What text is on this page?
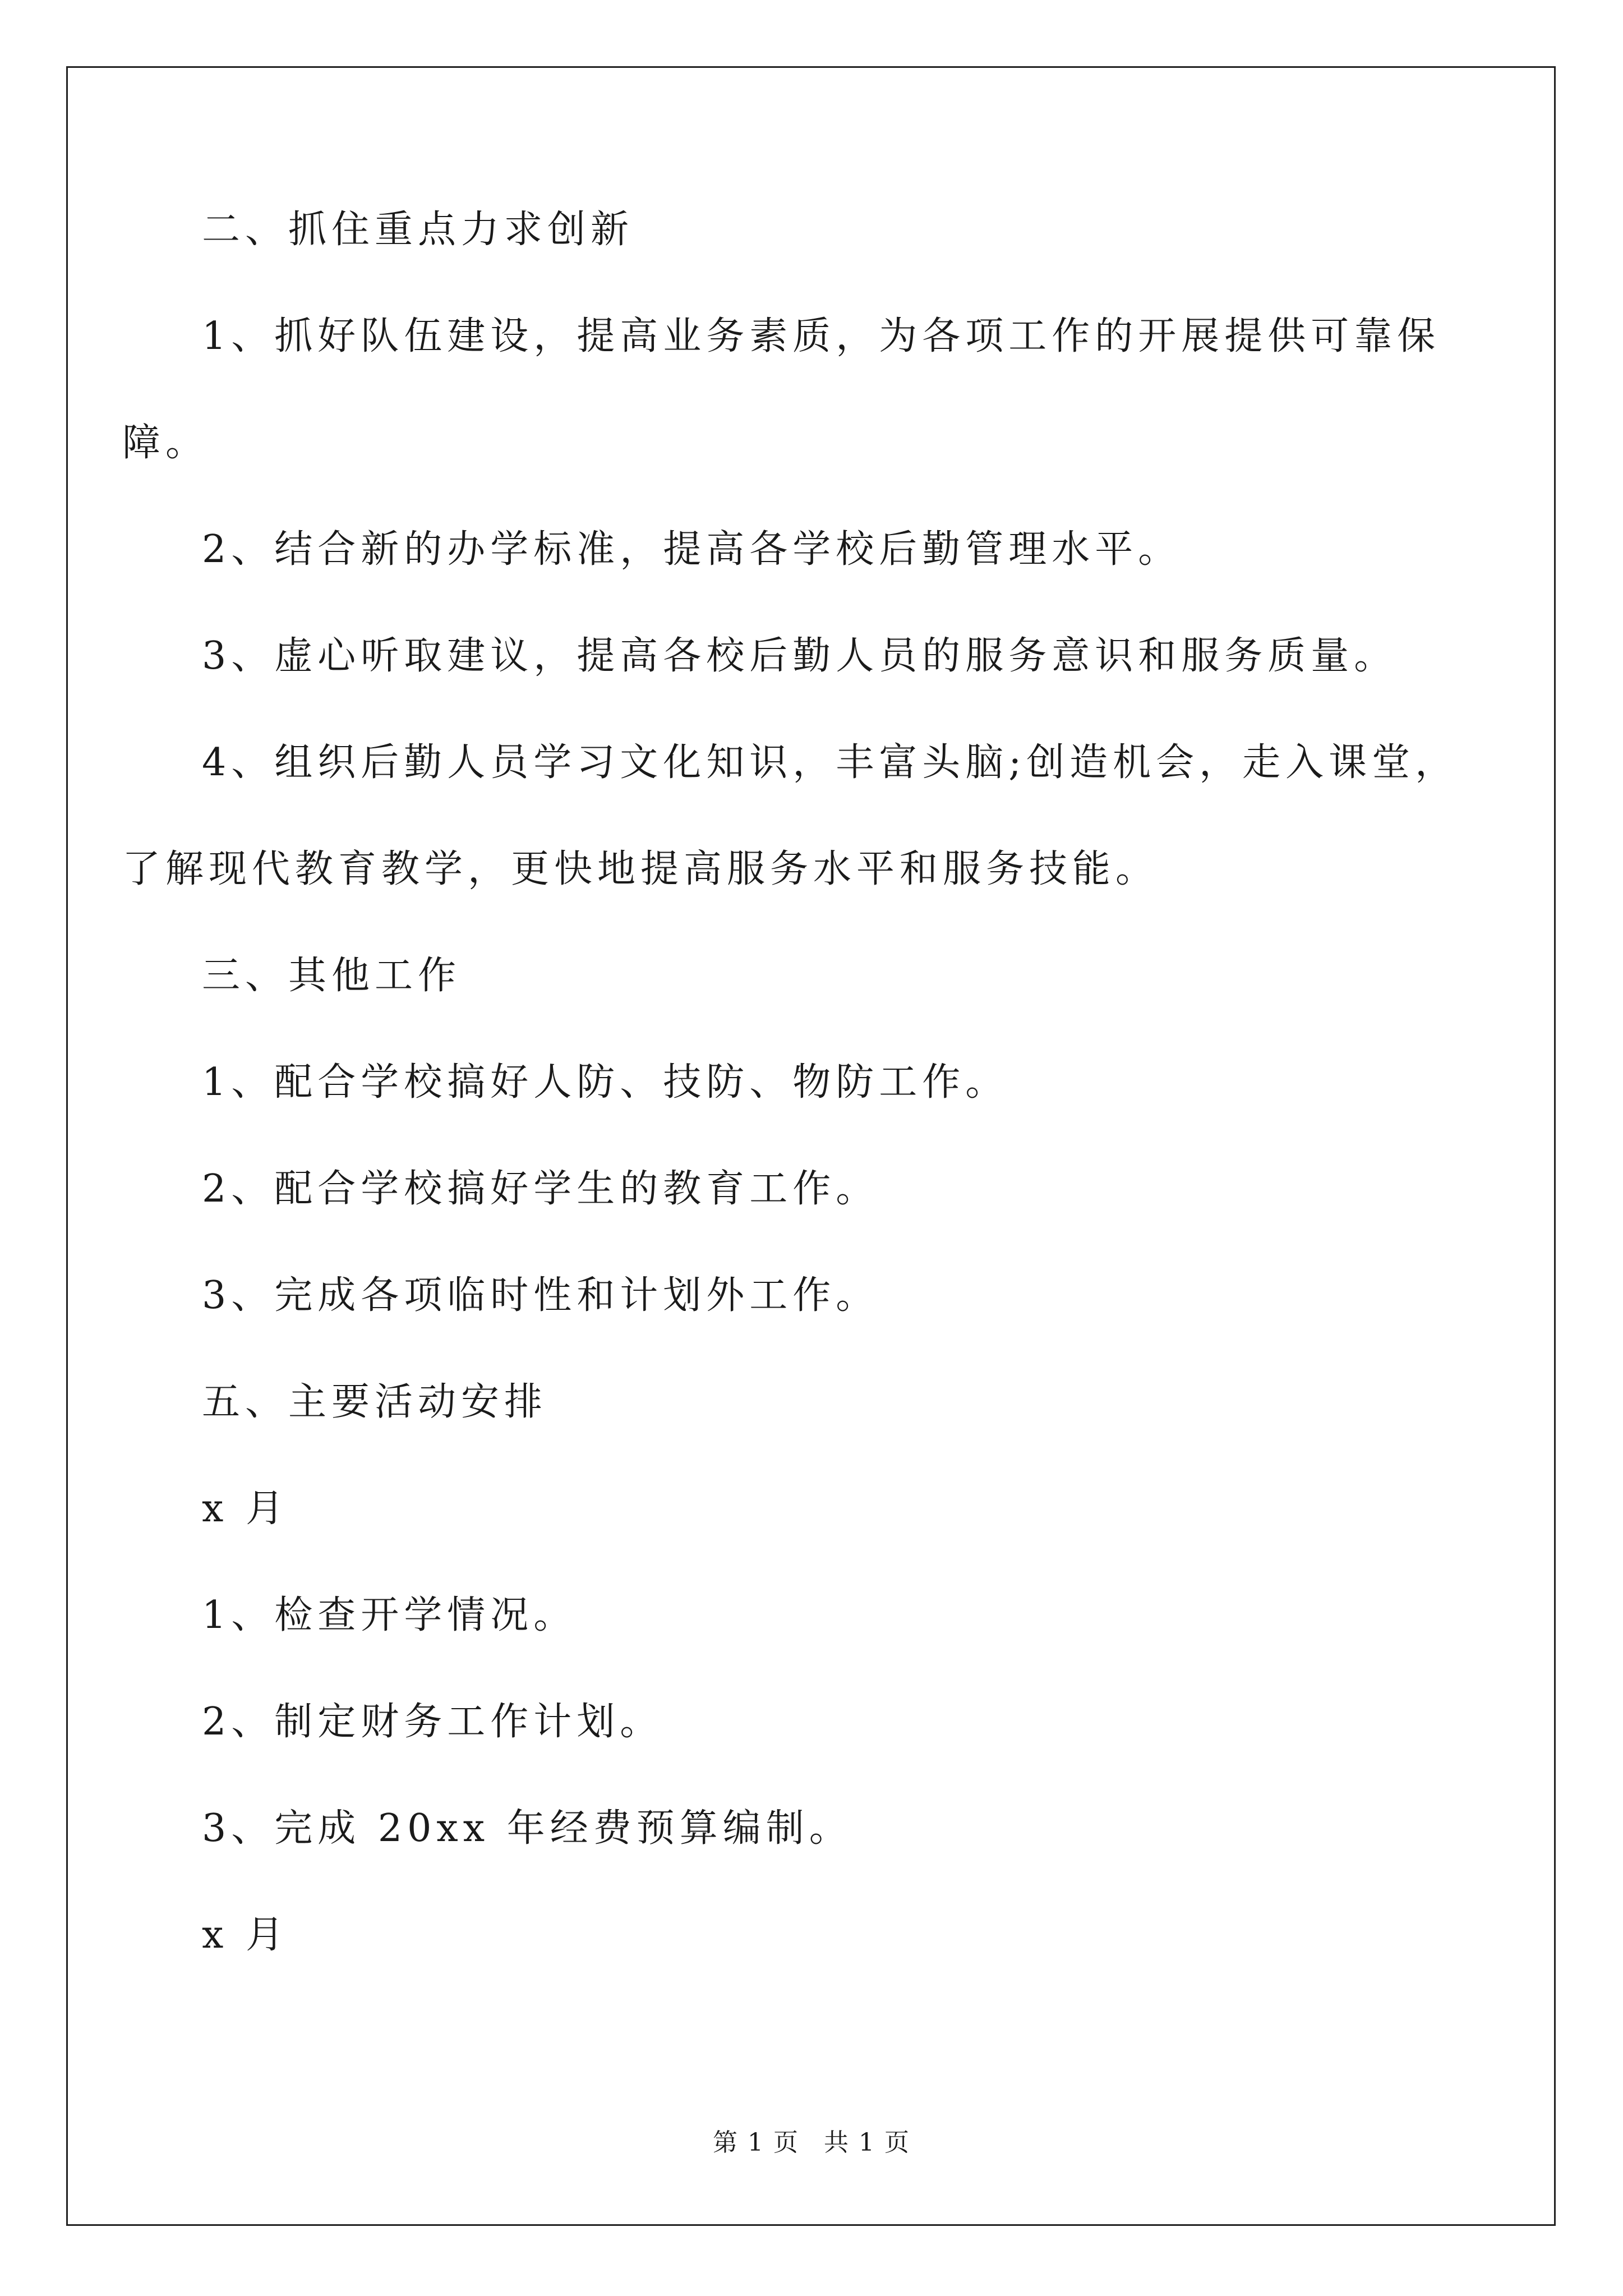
二、抓住重点力求创新
1、抓好队伍建设，提高业务素质，为各项工作的开展提供可靠保
障。
2、结合新的办学标准，提高各学校后勤管理水平。
3、虚心听取建议，提高各校后勤人员的服务意识和服务质量。
4、组织后勤人员学习文化知识，丰富头脑;创造机会，走入课堂，
了解现代教育教学，更快地提高服务水平和服务技能。
三、其他工作
1、配合学校搞好人防、技防、物防工作。
2、配合学校搞好学生的教育工作。
3、完成各项临时性和计划外工作。
五、主要活动安排
x 月
1、检查开学情况。
2、制定财务工作计划。
3、完成 20xx 年经费预算编制。
x 月
第 1 页 共 1 页
